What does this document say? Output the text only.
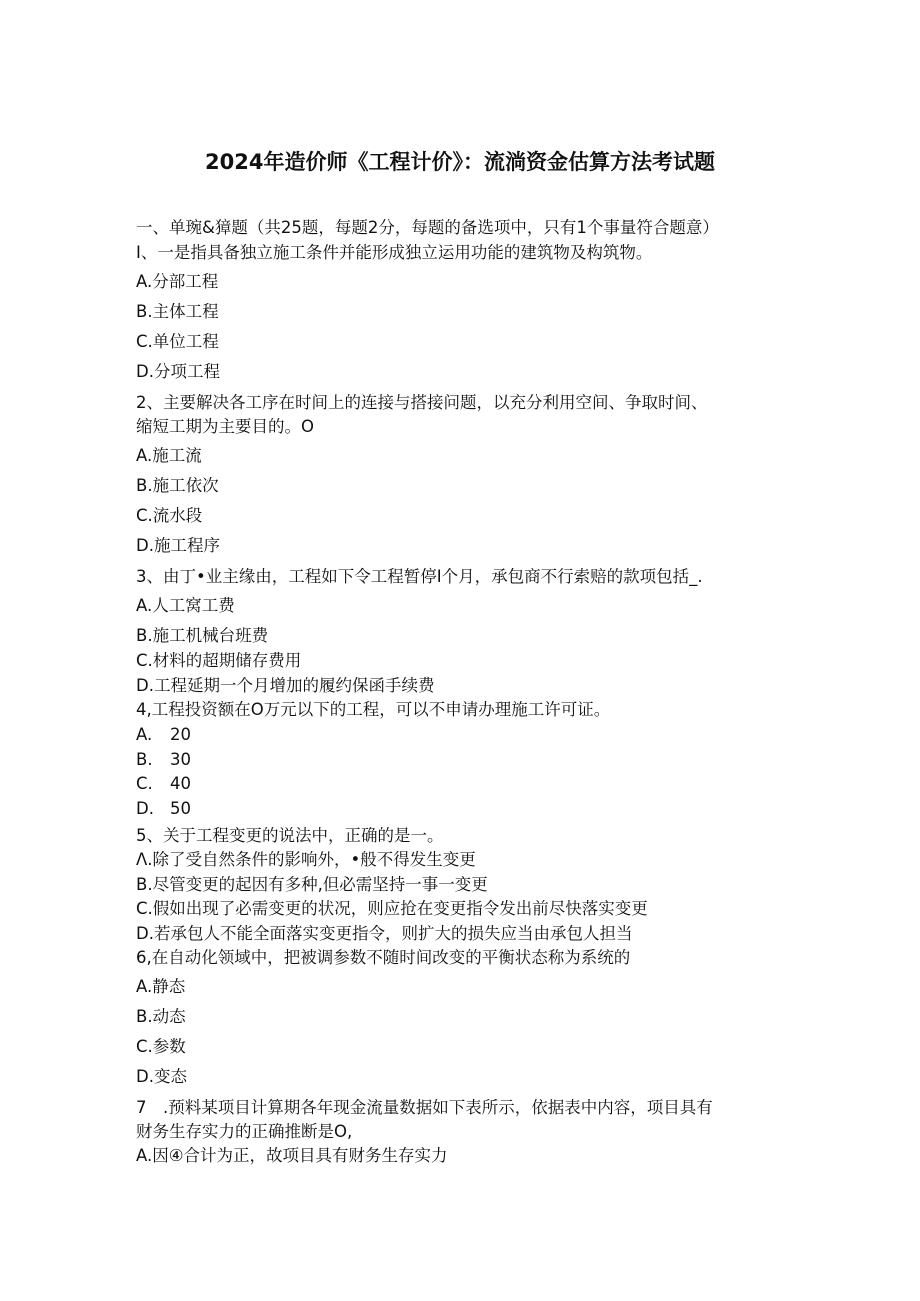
2024年造价师《工程计价》：流淌资金估算方法考试题
一、单琬&獐题（共25题，每题2分，每题的备选项中，只有1个事量符合题意）
I、一是指具备独立施工条件并能形成独立运用功能的建筑物及构筑物。
A.分部工程
B.主体工程
C.单位工程
D.分项工程
2、主要解决各工序在时间上的连接与搭接问题，以充分利用空间、争取时间、
缩短工期为主要目的。O
A.施工流
B.施工依次
C.流水段
D.施工程序
3、由丁•业主缘由，工程如下令工程暂停I个月，承包商不行索赔的款项包括_.
A.人工窝工费
B.施工机械台班费
C.材料的超期储存费用
D.工程延期一个月增加的履约保函手续费
4,工程投资额在O万元以下的工程，可以不申请办理施工许可证。
A. 20
B. 30
C. 40
D. 50
5、关于工程变更的说法中，正确的是一。
Λ.除了受自然条件的影响外，•般不得发生变更
B.尽管变更的起因有多种,但必需坚持一事一变更
C.假如出现了必需变更的状况，则应抢在变更指令发出前尽快落实变更
D.若承包人不能全面落实变更指令，则扩大的损失应当由承包人担当
6,在自动化领域中，把被调参数不随时间改变的平衡状态称为系统的
A.静态
B.动态
C.参数
D.变态
7　.预料某项目计算期各年现金流量数据如下表所示，依据表中内容，项目具有
财务生存实力的正确推断是O,
A.因④合计为正，故项目具有财务生存实力
